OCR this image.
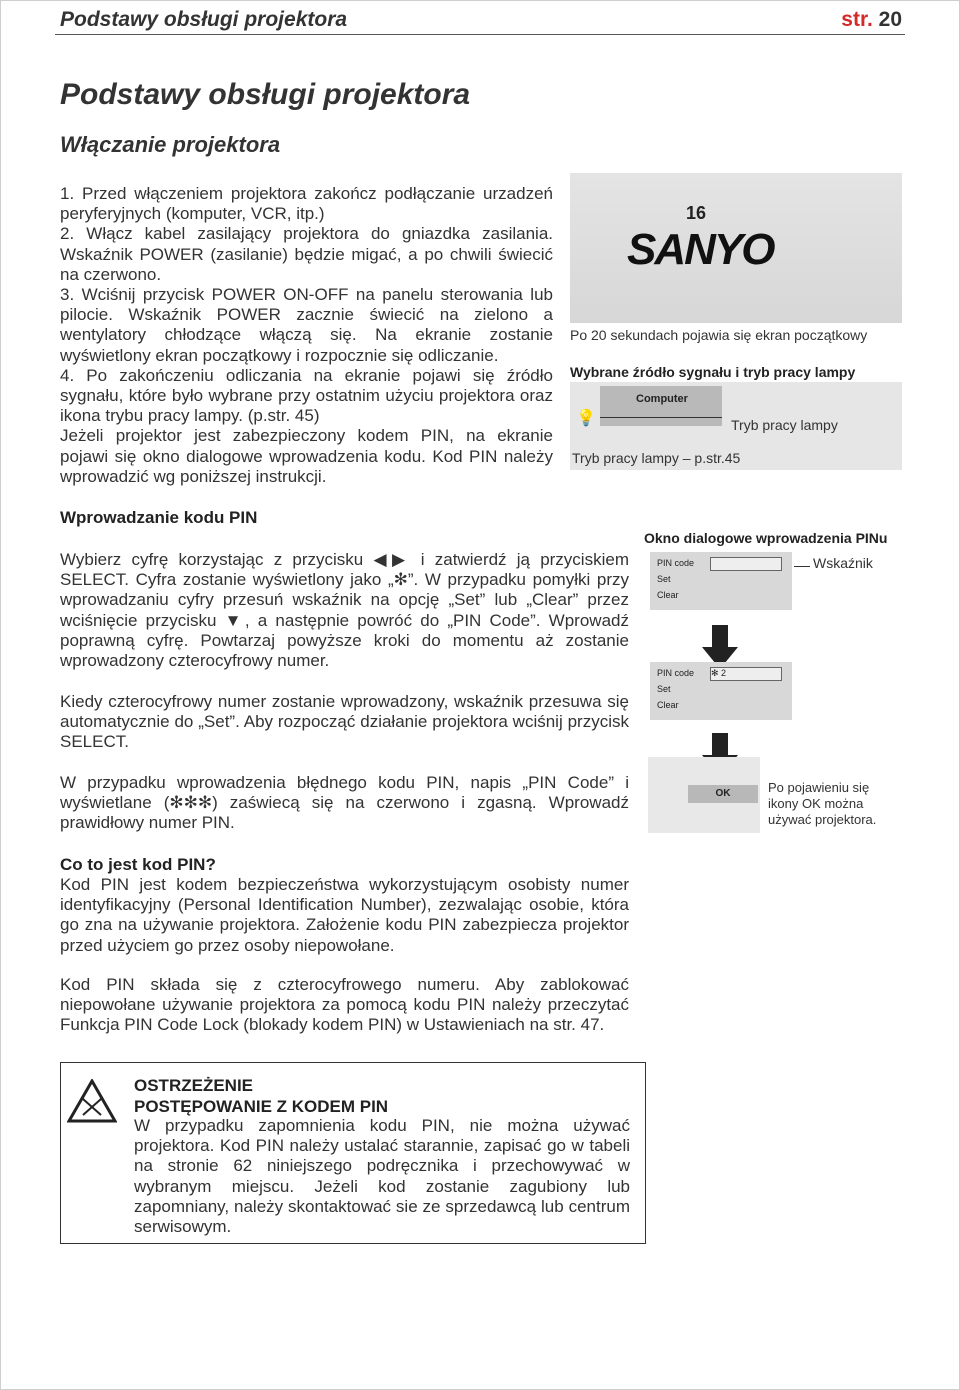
Podstawy obsługi projektora	str. 20
Podstawy obsługi projektora
Włączanie projektora

1. Przed włączeniem projektora zakończ podłączanie urzadzeń peryferyjnych (komputer, VCR, itp.)

2. Włącz kabel zasilający projektora do gniazdka zasilania. Wskaźnik POWER (zasilanie) będzie migać, a po chwili świecić na czerwono.

3. Wciśnij przycisk POWER ON-OFF na panelu sterowania lub pilocie. Wskaźnik POWER zacznie świecić na zielono a wentylatory chłodzące włączą się. Na ekranie zostanie wyświetlony ekran początkowy i rozpocznie się odliczanie.

4. Po zakończeniu odliczania na ekranie pojawi się źródło sygnału, które było wybrane przy ostatnim użyciu projektora oraz ikona trybu pracy lampy. (p.str. 45)

Jeżeli projektor jest zabezpieczony kodem PIN, na ekranie pojawi się okno dialogowe wprowadzenia kodu. Kod PIN należy wprowadzić wg poniższej instrukcji.

16
SANYO
Po 20 sekundach pojawia się ekran początkowy
Wybrane źródło sygnału i tryb pracy lampy
Computer
💡	Tryb pracy lampy
Tryb pracy lampy – p.str.45
Wprowadzanie kodu PIN
Wybierz cyfrę korzystając z przycisku ◀▶ i zatwierdź ją przyciskiem SELECT. Cyfra zostanie wyświetlony jako „✻”. W przypadku pomyłki przy wprowadzaniu cyfry przesuń wskaźnik na opcję „Set” lub „Clear” przez wciśnięcie przycisku ▼, a następnie powróć do „PIN Code”. Wprowadź poprawną cyfrę. Powtarzaj powyższe kroki do momentu aż zostanie wprowadzony czterocyfrowy numer.
Kiedy czterocyfrowy numer zostanie wprowadzony, wskaźnik przesuwa się automatycznie do „Set”. Aby rozpocząć działanie projektora wciśnij przycisk SELECT.
W przypadku wprowadzenia błędnego kodu PIN, napis „PIN Code” i wyświetlane (✻✻✻) zaświecą się na czerwono i zgasną. Wprowadź prawidłowy numer PIN.
Okno dialogowe wprowadzenia PINu
PIN code
Set
Clear
Wskaźnik
PIN code
Set
Clear
✻ 2
OK	Po pojawieniu się ikony OK można używać projektora.
Co to jest kod PIN?
Kod PIN jest kodem bezpieczeństwa wykorzystującym osobisty numer identyfikacyjny (Personal Identification Number), zezwalając osobie, która go zna na używanie projektora. Założenie kodu PIN zabezpiecza projektor przed użyciem go przez osoby niepowołane.
Kod PIN składa się z czterocyfrowego numeru. Aby zablokować niepowołane używanie projektora za pomocą kodu PIN należy przeczytać Funkcja PIN Code Lock (blokady kodem PIN) w Ustawieniach na str. 47.
OSTRZEŻENIE
POSTĘPOWANIE Z KODEM PIN
W przypadku zapomnienia kodu PIN, nie można używać projektora. Kod PIN należy ustalać starannie, zapisać go w tabeli na stronie 62 niniejszego podręcznika i przechowywać w wybranym miejscu. Jeżeli kod zostanie zagubiony lub zapomniany, należy skontaktować sie ze sprzedawcą lub centrum serwisowym.
